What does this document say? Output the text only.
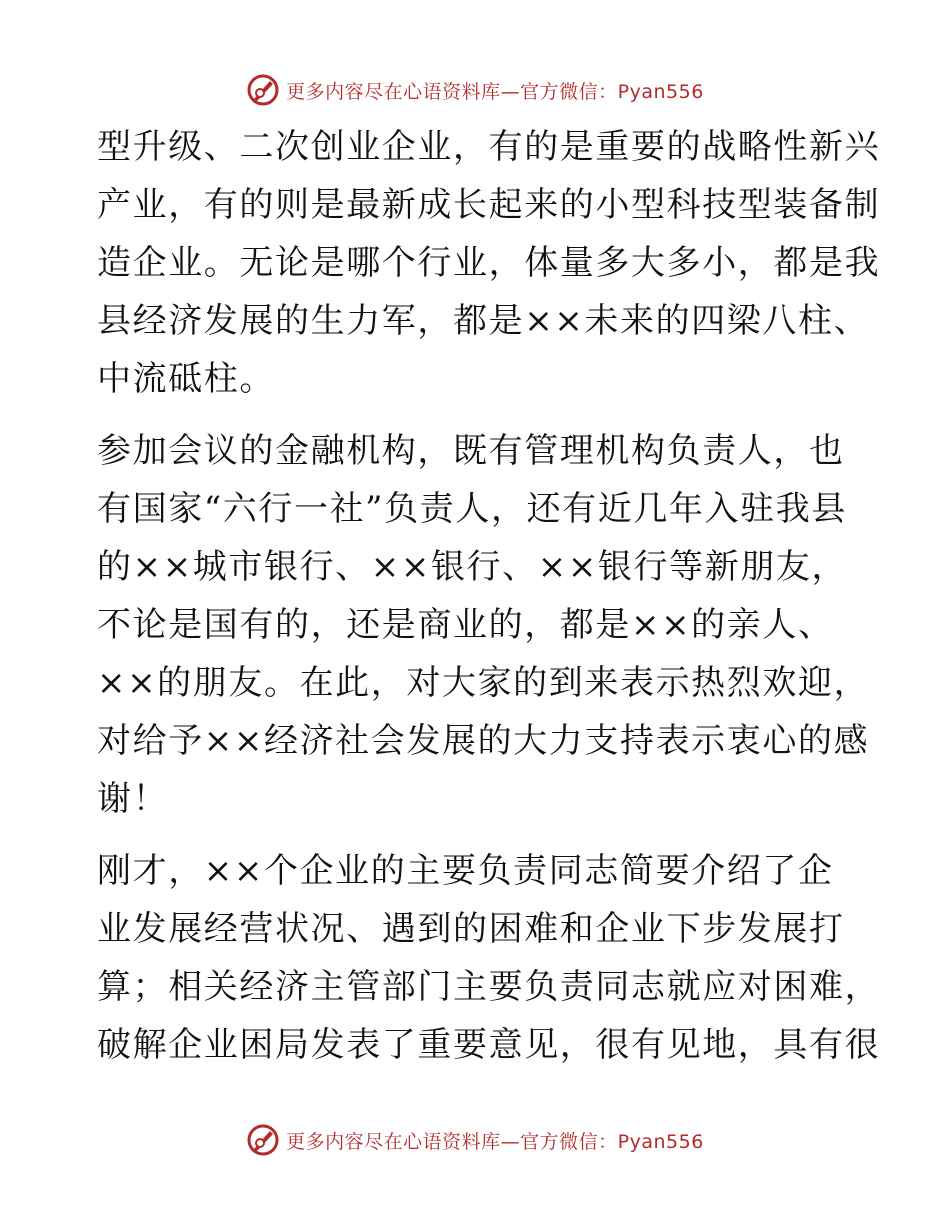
更多内容尽在心语资料库—官方微信：Pyan556

型升级、二次创业企业，有的是重要的战略性新兴
产业，有的则是最新成长起来的小型科技型装备制
造企业。无论是哪个行业，体量多大多小，都是我
县经济发展的生力军，都是××未来的四梁八柱、
中流砥柱。

参加会议的金融机构，既有管理机构负责人，也
有国家“六行一社”负责人，还有近几年入驻我县
的××城市银行、××银行、××银行等新朋友，
不论是国有的，还是商业的，都是××的亲人、
××的朋友。在此，对大家的到来表示热烈欢迎，
对给予××经济社会发展的大力支持表示衷心的感
谢！

刚才，××个企业的主要负责同志简要介绍了企
业发展经营状况、遇到的困难和企业下步发展打
算；相关经济主管部门主要负责同志就应对困难，
破解企业困局发表了重要意见，很有见地，具有很

更多内容尽在心语资料库—官方微信：Pyan556
